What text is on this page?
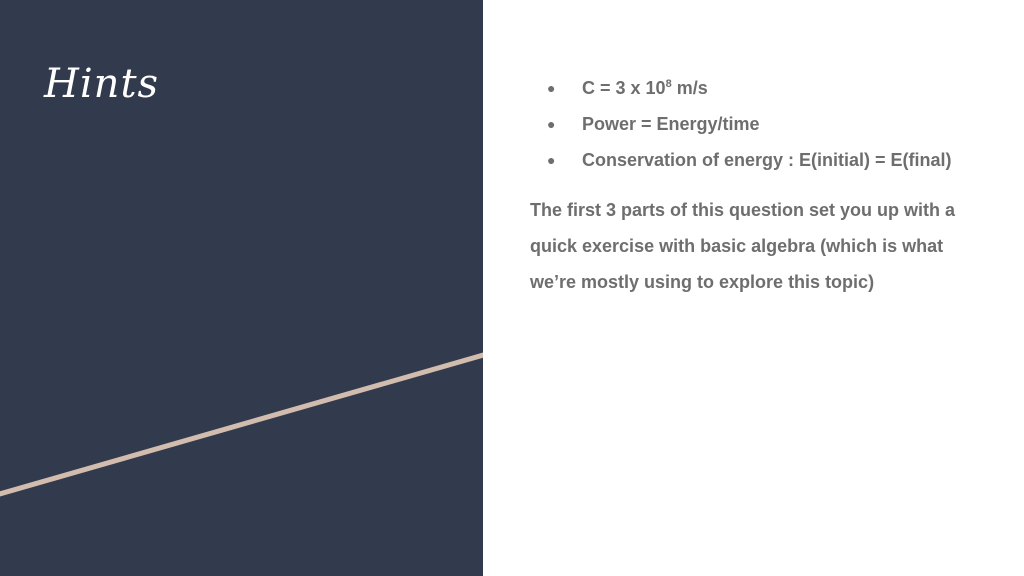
Hints	● C = 3 x $10^8$ m/s
● Power = Energy/time
● Conservation of energy : E(initial) = E(final)

The first 3 parts of this question set you up with a quick exercise with basic algebra (which is what we’re mostly using to explore this topic)
